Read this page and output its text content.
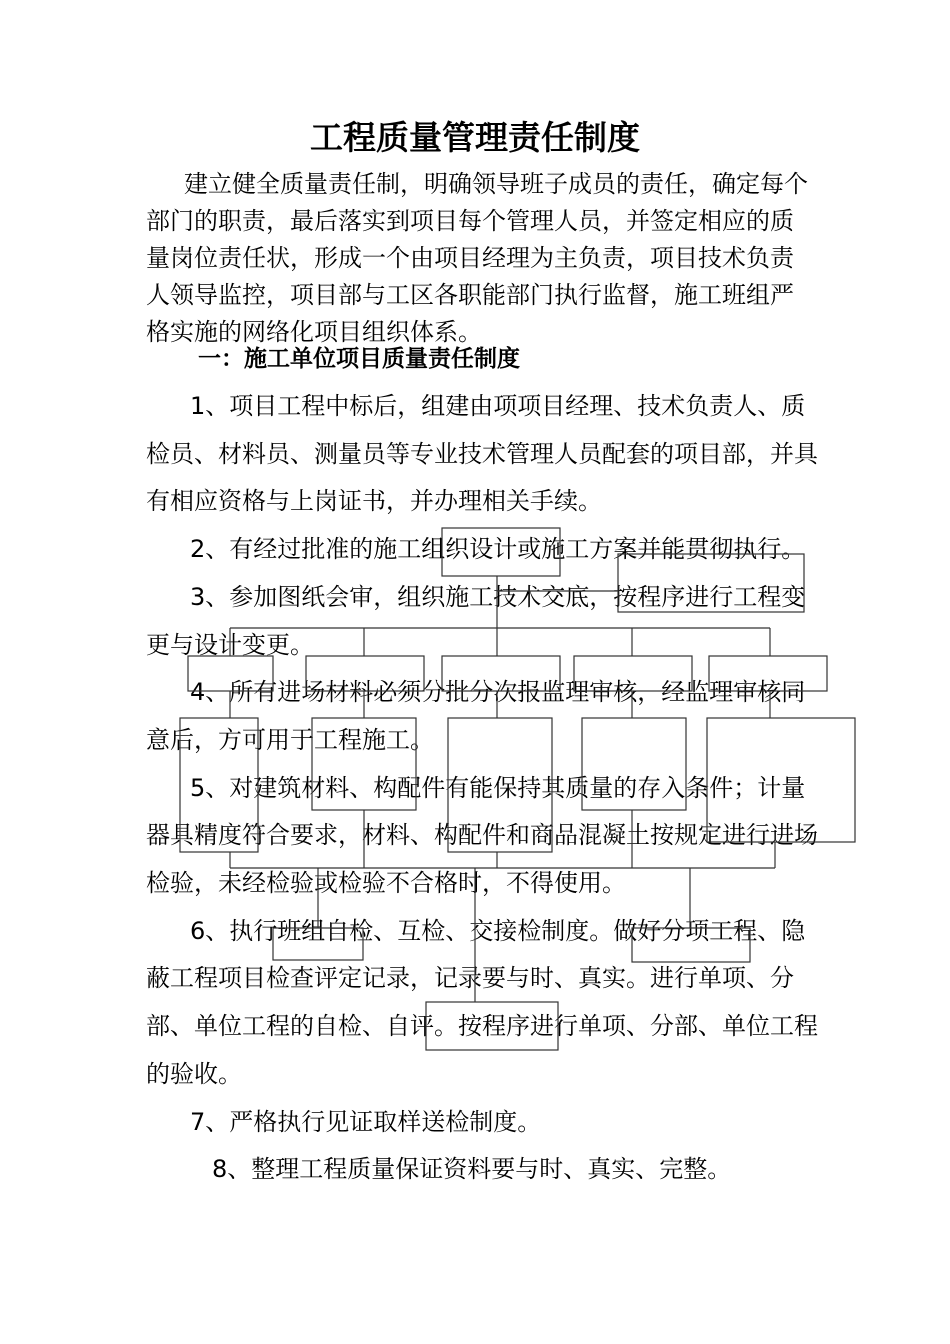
工程质量管理责任制度

建立健全质量责任制，明确领导班子成员的责任，确定每个部门的职责，最后落实到项目每个管理人员，并签定相应的质量岗位责任状，形成一个由项目经理为主负责，项目技术负责人领导监控，项目部与工区各职能部门执行监督，施工班组严格实施的网络化项目组织体系。

一：施工单位项目质量责任制度

1、项目工程中标后，组建由项项目经理、技术负责人、质检员、材料员、测量员等专业技术管理人员配套的项目部，并具有相应资格与上岗证书，并办理相关手续。

2、有经过批准的施工组织设计或施工方案并能贯彻执行。

3、参加图纸会审，组织施工技术交底，按程序进行工程变更与设计变更。

4、所有进场材料必须分批分次报监理审核，经监理审核同意后，方可用于工程施工。

5、对建筑材料、构配件有能保持其质量的存入条件；计量器具精度符合要求，材料、构配件和商品混凝土按规定进行进场检验，未经检验或检验不合格时，不得使用。

6、执行班组自检、互检、交接检制度。做好分项工程、隐蔽工程项目检查评定记录，记录要与时、真实。进行单项、分部、单位工程的自检、自评。按程序进行单项、分部、单位工程的验收。

7、严格执行见证取样送检制度。

8、整理工程质量保证资料要与时、真实、完整。
